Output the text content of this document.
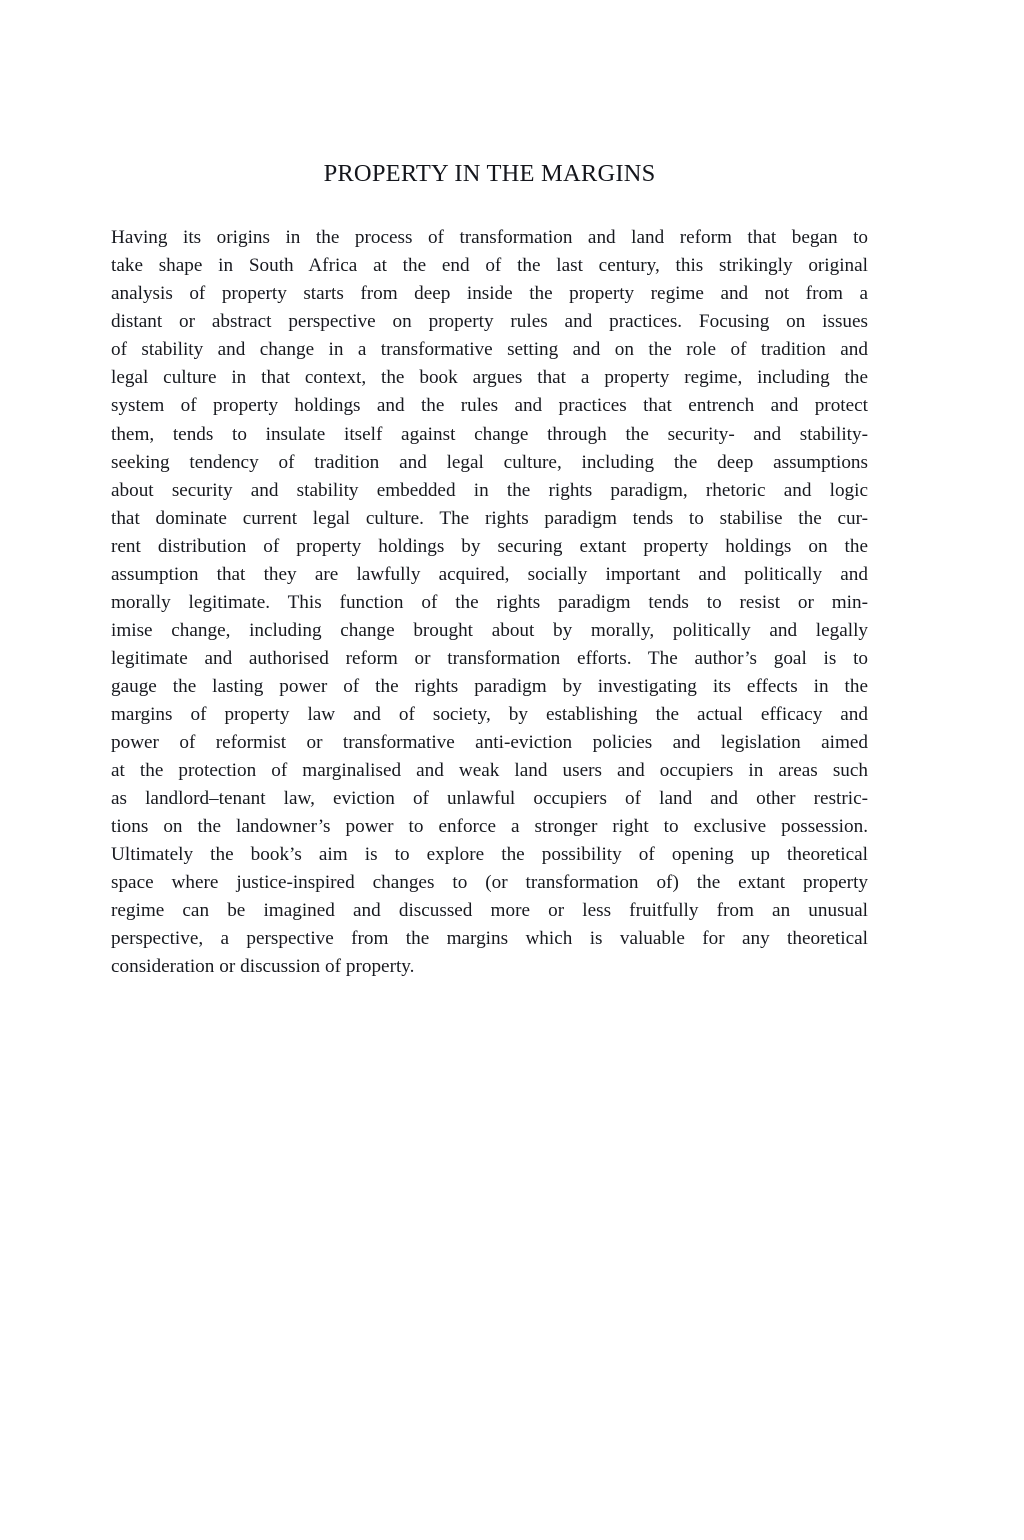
PROPERTY IN THE MARGINS

Having its origins in the process of transformation and land reform that began to
take shape in South Africa at the end of the last century, this strikingly original
analysis of property starts from deep inside the property regime and not from a
distant or abstract perspective on property rules and practices. Focusing on issues
of stability and change in a transformative setting and on the role of tradition and
legal culture in that context, the book argues that a property regime, including the
system of property holdings and the rules and practices that entrench and protect
them, tends to insulate itself against change through the security- and stability-
seeking tendency of tradition and legal culture, including the deep assumptions
about security and stability embedded in the rights paradigm, rhetoric and logic
that dominate current legal culture. The rights paradigm tends to stabilise the cur-
rent distribution of property holdings by securing extant property holdings on the
assumption that they are lawfully acquired, socially important and politically and
morally legitimate. This function of the rights paradigm tends to resist or min-
imise change, including change brought about by morally, politically and legally
legitimate and authorised reform or transformation efforts. The author’s goal is to
gauge the lasting power of the rights paradigm by investigating its effects in the
margins of property law and of society, by establishing the actual efficacy and
power of reformist or transformative anti-eviction policies and legislation aimed
at the protection of marginalised and weak land users and occupiers in areas such
as landlord–tenant law, eviction of unlawful occupiers of land and other restric-
tions on the landowner’s power to enforce a stronger right to exclusive possession.
Ultimately the book’s aim is to explore the possibility of opening up theoretical
space where justice-inspired changes to (or transformation of) the extant property
regime can be imagined and discussed more or less fruitfully from an unusual
perspective, a perspective from the margins which is valuable for any theoretical
consideration or discussion of property.
